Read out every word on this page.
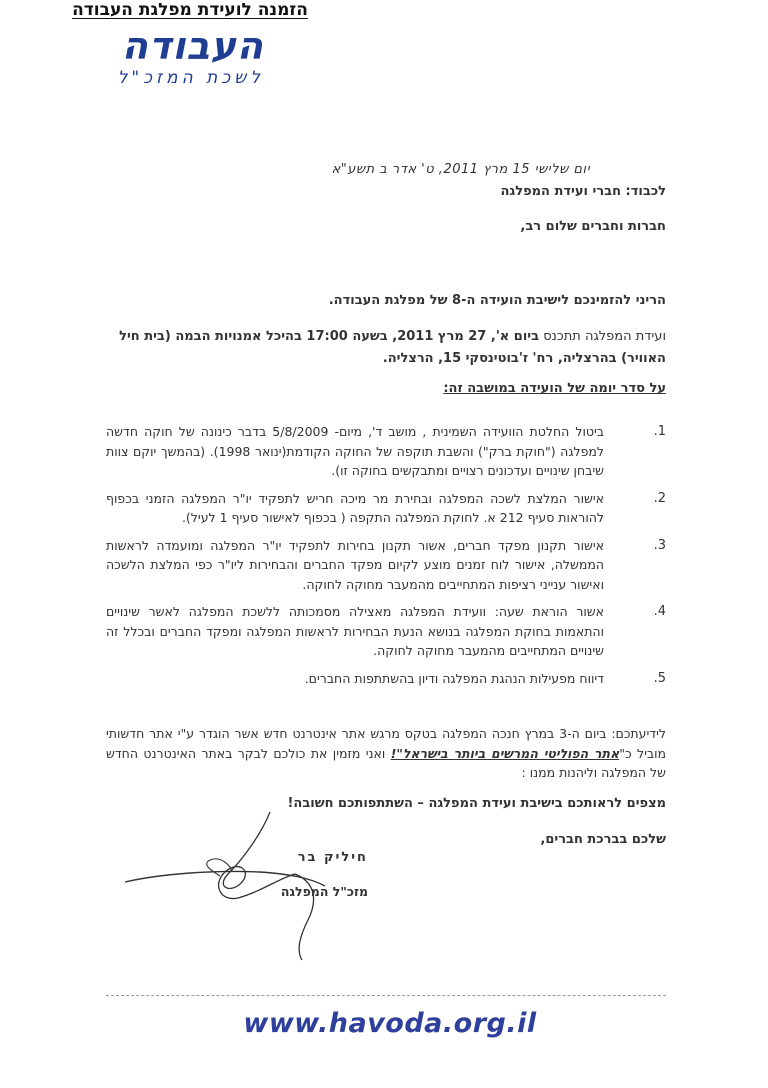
העבודה
לשכת המזכ"ל
יום שלישי 15 מרץ 2011, ט' אדר ב תשע"א
לכבוד: חברי ועידת המפלגה
חברות וחברים שלום רב,
הזמנה לועידת מפלגת העבודה
הריני להזמינכם לישיבת הועידה ה-8 של מפלגת העבודה.
ועידת המפלגה תתכנס ביום א', 27 מרץ 2011, בשעה 17:00 בהיכל אמנויות הבמה (בית חיל האוויר) בהרצליה, רח' ז'בוטינסקי 15, הרצליה.
על סדר יומה של הועידה במושבה זה:
1.
ביטול החלטת הוועידה השמינית , מושב ד', מיום- 5/8/2009 בדבר כינונה של חוקה חדשה למפלגה ("חוקת ברק") והשבת תוקפה של החוקה הקודמת(ינואר 1998). (בהמשך יוקם צוות שיבחן שינויים ועדכונים רצויים ומתבקשים בחוקה זו).
2.
אישור המלצת לשכה המפלגה ובחירת מר מיכה חריש לתפקיד יו"ר המפלגה הזמני בכפוף להוראות סעיף 212 א. לחוקת המפלגה התקפה ( בכפוף לאישור סעיף 1 לעיל).
3.
אישור תקנון מפקד חברים, אשור תקנון בחירות לתפקיד יו"ר המפלגה ומועמדה לראשות הממשלה, אישור לוח זמנים מוצע לקיום מפקד החברים והבחירות ליו"ר כפי המלצת הלשכה ואישור ענייני רציפות המתחייבים מהמעבר מחוקה לחוקה.
4.
אשור הוראת שעה: וועידת המפלגה מאצילה מסמכותה ללשכת המפלגה לאשר שינויים והתאמות בחוקת המפלגה בנושא הנעת הבחירות לראשות המפלגה ומפקד החברים ובכלל זה שינויים המתחייבים מהמעבר מחוקה לחוקה.
5.
דיווח מפעילות הנהגת המפלגה ודיון בהשתתפות החברים.
לידיעתכם: ביום ה-3 במרץ חנכה המפלגה בטקס מרגש אתר אינטרנט חדש אשר הוגדר ע"י אתר חדשותי מוביל כ"אתר הפוליטי המרשים ביותר בישראל"! ואני מזמין את כולכם לבקר באתר האינטרנט החדש של המפלגה וליהנות ממנו :
מצפים לראותכם בישיבת ועידת המפלגה – השתתפותכם חשובה!
שלכם בברכת חברים,
חיליק בר
מזכ"ל המפלגה
www.havoda.org.il
